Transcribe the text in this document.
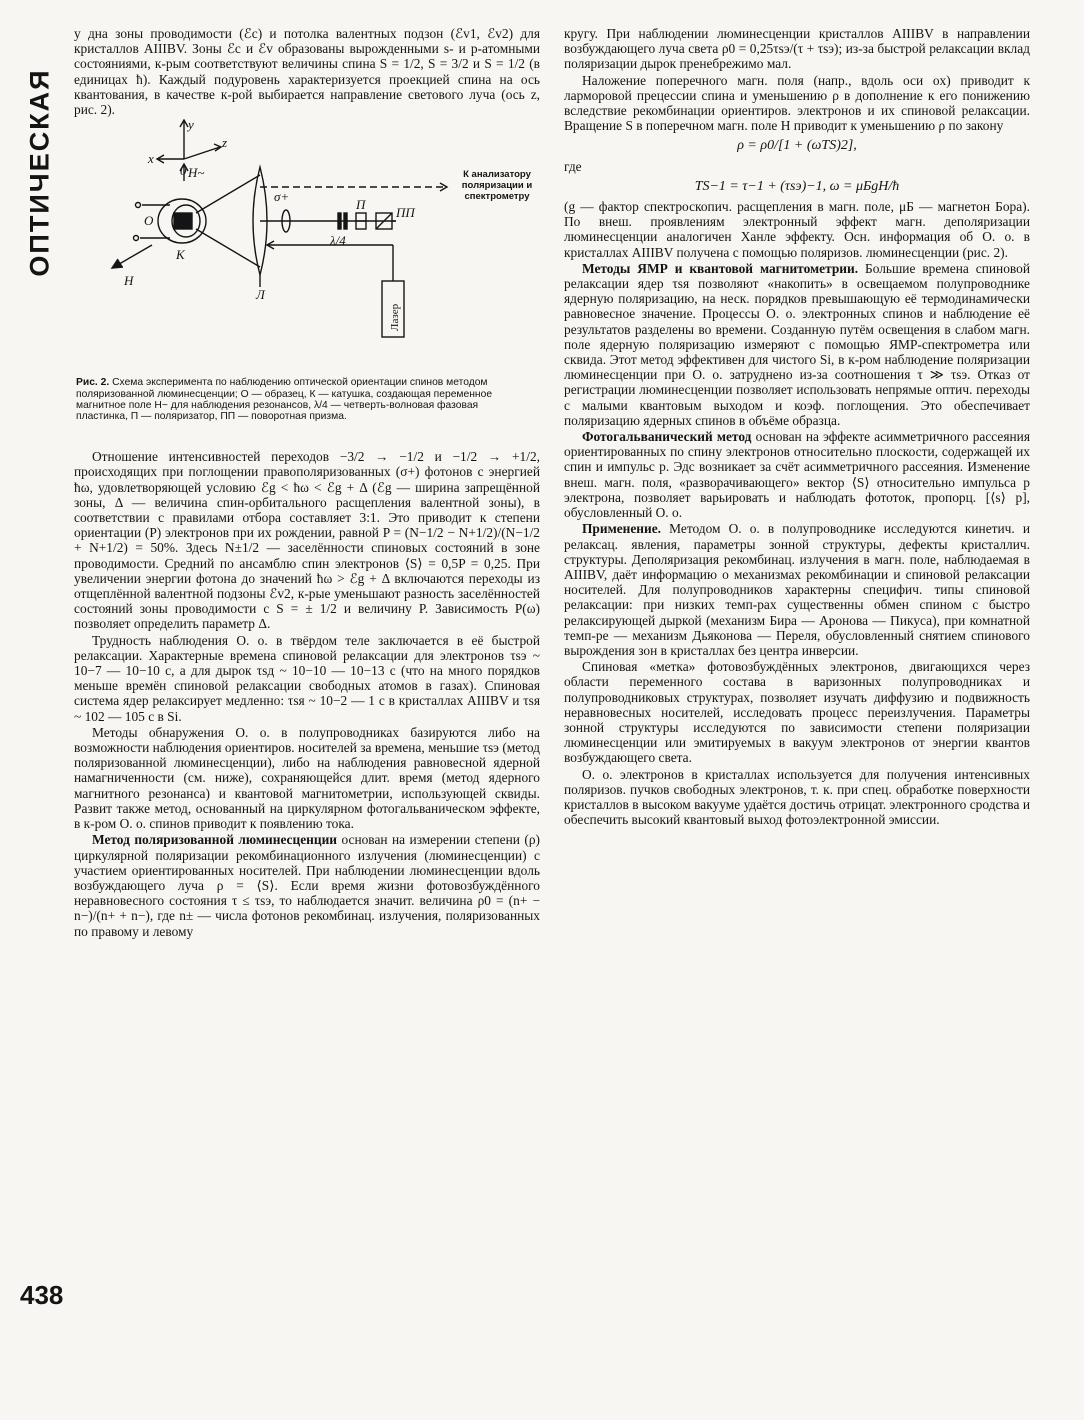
ОПТИЧЕСКАЯ
438

у дна зоны проводимости (ℰc) и потолка валентных подзон (ℰv1, ℰv2) для кристаллов AIIIBV. Зоны ℰc и ℰv образованы вырожденными s- и p-атомными состояниями, к-рым соответствуют величины спина S = 1/2, S = 3/2 и S = 1/2 (в единицах ħ). Каждый подуровень характеризуется проекцией спина на ось квантования, в качестве к-рой выбирается направление светового луча (ось z, рис. 2).

y
z
x
0 H~
σ+
П
ПП
λ/4
О
К
H
Л
Лазер
К анализатору поляризации и спектрометру
Рис. 2. Схема эксперимента по наблюдению оптической ориентации спинов методом поляризованной люминесценции; О — образец, К — катушка, создающая переменное магнитное поле H~ для наблюдения резонансов, λ/4 — четверть-волновая фазовая пластинка, П — поляризатор, ПП — поворотная призма.

Отношение интенсивностей переходов −3/2 → −1/2 и −1/2 → +1/2, происходящих при поглощении правополяризованных (σ+) фотонов с энергией ħω, удовлетворяющей условию ℰg < ħω < ℰg + Δ (ℰg — ширина запрещённой зоны, Δ — величина спин-орбитального расщепления валентной зоны), в соответствии с правилами отбора составляет 3:1. Это приводит к степени ориентации (P) электронов при их рождении, равной P = (N−1/2 − N+1/2)/(N−1/2 + N+1/2) = 50%. Здесь N±1/2 — заселённости спиновых состояний в зоне проводимости. Средний по ансамблю спин электронов ⟨S⟩ = 0,5P = 0,25. При увеличении энергии фотона до значений ħω > ℰg + Δ включаются переходы из отщеплённой валентной подзоны ℰv2, к-рые уменьшают разность заселённостей состояний зоны проводимости с S = ± 1/2 и величину P. Зависимость P(ω) позволяет определить параметр Δ.

Трудность наблюдения О. о. в твёрдом теле заключается в её быстрой релаксации. Характерные времена спиновой релаксации для электронов τsэ ~ 10−7 — 10−10 с, а для дырок τsд ~ 10−10 — 10−13 с (что на много порядков меньше времён спиновой релаксации свободных атомов в газах). Спиновая система ядер релаксирует медленно: τsя ~ 10−2 — 1 с в кристаллах AIIIBV и τsя ~ 102 — 105 с в Si.

Методы обнаружения О. о. в полупроводниках базируются либо на возможности наблюдения ориентиров. носителей за времена, меньшие τsэ (метод поляризованной люминесценции), либо на наблюдения равновесной ядерной намагниченности (см. ниже), сохраняющейся длит. время (метод ядерного магнитного резонанса) и квантовой магнитометрии, использующей сквиды. Развит также метод, основанный на циркулярном фотогальваническом эффекте, в к-ром О. о. спинов приводит к появлению тока.

Метод поляризованной люминесценции основан на измерении степени (ρ) циркулярной поляризации рекомбинационного излучения (люминесценции) с участием ориентированных носителей. При наблюдении люминесценции вдоль возбуждающего луча ρ = ⟨S⟩. Если время жизни фотовозбуждённого неравновесного состояния τ ≤ τsэ, то наблюдается значит. величина ρ0 = (n+ − n−)/(n+ + n−), где n± — числа фотонов рекомбинац. излучения, поляризованных по правому и левому

кругу. При наблюдении люминесценции кристаллов AIIIBV в направлении возбуждающего луча света ρ0 = 0,25τsэ/(τ + τsэ); из-за быстрой релаксации вклад поляризации дырок пренебрежимо мал.

Наложение поперечного магн. поля (напр., вдоль оси ox) приводит к ларморовой прецессии спина и уменьшению ρ в дополнение к его понижению вследствие рекомбинации ориентиров. электронов и их спиновой релаксации. Вращение S в поперечном магн. поле H приводит к уменьшению ρ по закону

ρ = ρ0/[1 + (ωTS)2],

где

TS−1 = τ−1 + (τsэ)−1, ω = μБgH/ħ

(g — фактор спектроскопич. расщепления в магн. поле, μБ — магнетон Бора). По внеш. проявлениям электронный эффект магн. деполяризации люминесценции аналогичен Ханле эффекту. Осн. информация об О. о. в кристаллах AIIIBV получена с помощью поляризов. люминесценции (рис. 2).

Методы ЯМР и квантовой магнитометрии. Большие времена спиновой релаксации ядер τsя позволяют «накопить» в освещаемом полупроводнике ядерную поляризацию, на неск. порядков превышающую её термодинамически равновесное значение. Процессы О. о. электронных спинов и наблюдение её результатов разделены во времени. Созданную путём освещения в слабом магн. поле ядерную поляризацию измеряют с помощью ЯМР-спектрометра или сквида. Этот метод эффективен для чистого Si, в к-ром наблюдение поляризации люминесценции при О. о. затруднено из-за соотношения τ ≫ τsэ. Отказ от регистрации люминесценции позволяет использовать непрямые оптич. переходы с малыми квантовым выходом и коэф. поглощения. Это обеспечивает поляризацию ядерных спинов в объёме образца.

Фотогальванический метод основан на эффекте асимметричного рассеяния ориентированных по спину электронов относительно плоскости, содержащей их спин и импульс p. Эдс возникает за счёт асимметричного рассеяния. Изменение внеш. магн. поля, «разворачивающего» вектор ⟨S⟩ относительно импульса p электрона, позволяет варьировать и наблюдать фототок, пропорц. [⟨s⟩ p], обусловленный О. о.

Применение. Методом О. о. в полупроводнике исследуются кинетич. и релаксац. явления, параметры зонной структуры, дефекты кристаллич. структуры. Деполяризация рекомбинац. излучения в магн. поле, наблюдаемая в AIIIBV, даёт информацию о механизмах рекомбинации и спиновой релаксации носителей. Для полупроводников характерны специфич. типы спиновой релаксации: при низких темп-рах существенны обмен спином с быстро релаксирующей дыркой (механизм Бира — Аронова — Пикуса), при комнатной темп-ре — механизм Дьяконова — Переля, обусловленный снятием спинового вырождения зон в кристаллах без центра инверсии.

Спиновая «метка» фотовозбуждённых электронов, двигающихся через области переменного состава в варизонных полупроводниках и полупроводниковых структурах, позволяет изучать диффузию и подвижность неравновесных носителей, исследовать процесс переизлучения. Параметры зонной структуры исследуются по зависимости степени поляризации люминесценции или эмитируемых в вакуум электронов от энергии квантов возбуждающего света.

О. о. электронов в кристаллах используется для получения интенсивных поляризов. пучков свободных электронов, т. к. при спец. обработке поверхности кристаллов в высоком вакууме удаётся достичь отрицат. электронного сродства и обеспечить высокий квантовый выход фотоэлектронной эмиссии.
